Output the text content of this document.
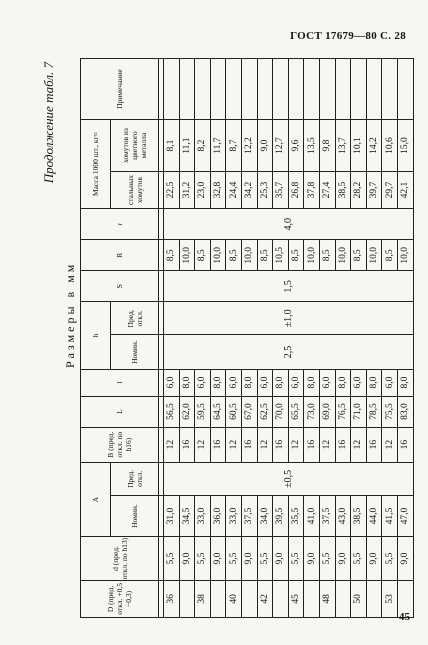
ГОСТ 17679—80 С. 28
Продолжение табл. 7
Размеры в мм
D (пред. откл. +0,5 −0,3)	d (пред. откл. по h13)	A		B (пред. откл. по h16)	L	l	h		S	R	r	Масса 1000 шт., кг≈		Примечание
		Номин.	Пред. откл.				Номин.	Пред. откл.				стальных хомутов	хомутов из цветного металла	

36	5,5	31,0	±0,5	12	56,5	6,0	2,5	±1,0	1,5	8,5	4,0	22,5	8,1	
	9,0	34,5		16	62,0	8,0				10,0		31,2	11,1	
38	5,5	33,0		12	59,5	6,0				8,5		23,0	8,2	
	9,0	36,0		16	64,5	8,0				10,0		32,8	11,7	
40	5,5	33,0		12	60,5	6,0				8,5		24,4	8,7	
	9,0	37,5		16	67,0	8,0				10,0		34,2	12,2	
42	5,5	34,0		12	62,5	6,0				8,5		25,3	9,0	
	9,0	39,5		16	70,0	8,0				10,5		35,7	12,7	
45	5,5	35,5		12	65,5	6,0				8,5		26,8	9,6	
	9,0	41,0		16	73,0	8,0				10,0		37,8	13,5	
48	5,5	37,5		12	69,0	6,0				8,5		27,4	9,8	
	9,0	43,0		16	76,5	8,0				10,0		38,5	13,7	
50	5,5	38,5		12	71,0	6,0				8,5		28,2	10,1	
	9,0	44,0		16	78,5	8,0				10,0		39,7	14,2	
53	5,5	41,5		12	75,5	6,0				8,5		29,7	10,6	
	9,0	47,0		16	83,0	8,0				10,0		42,1	15,0	
45
